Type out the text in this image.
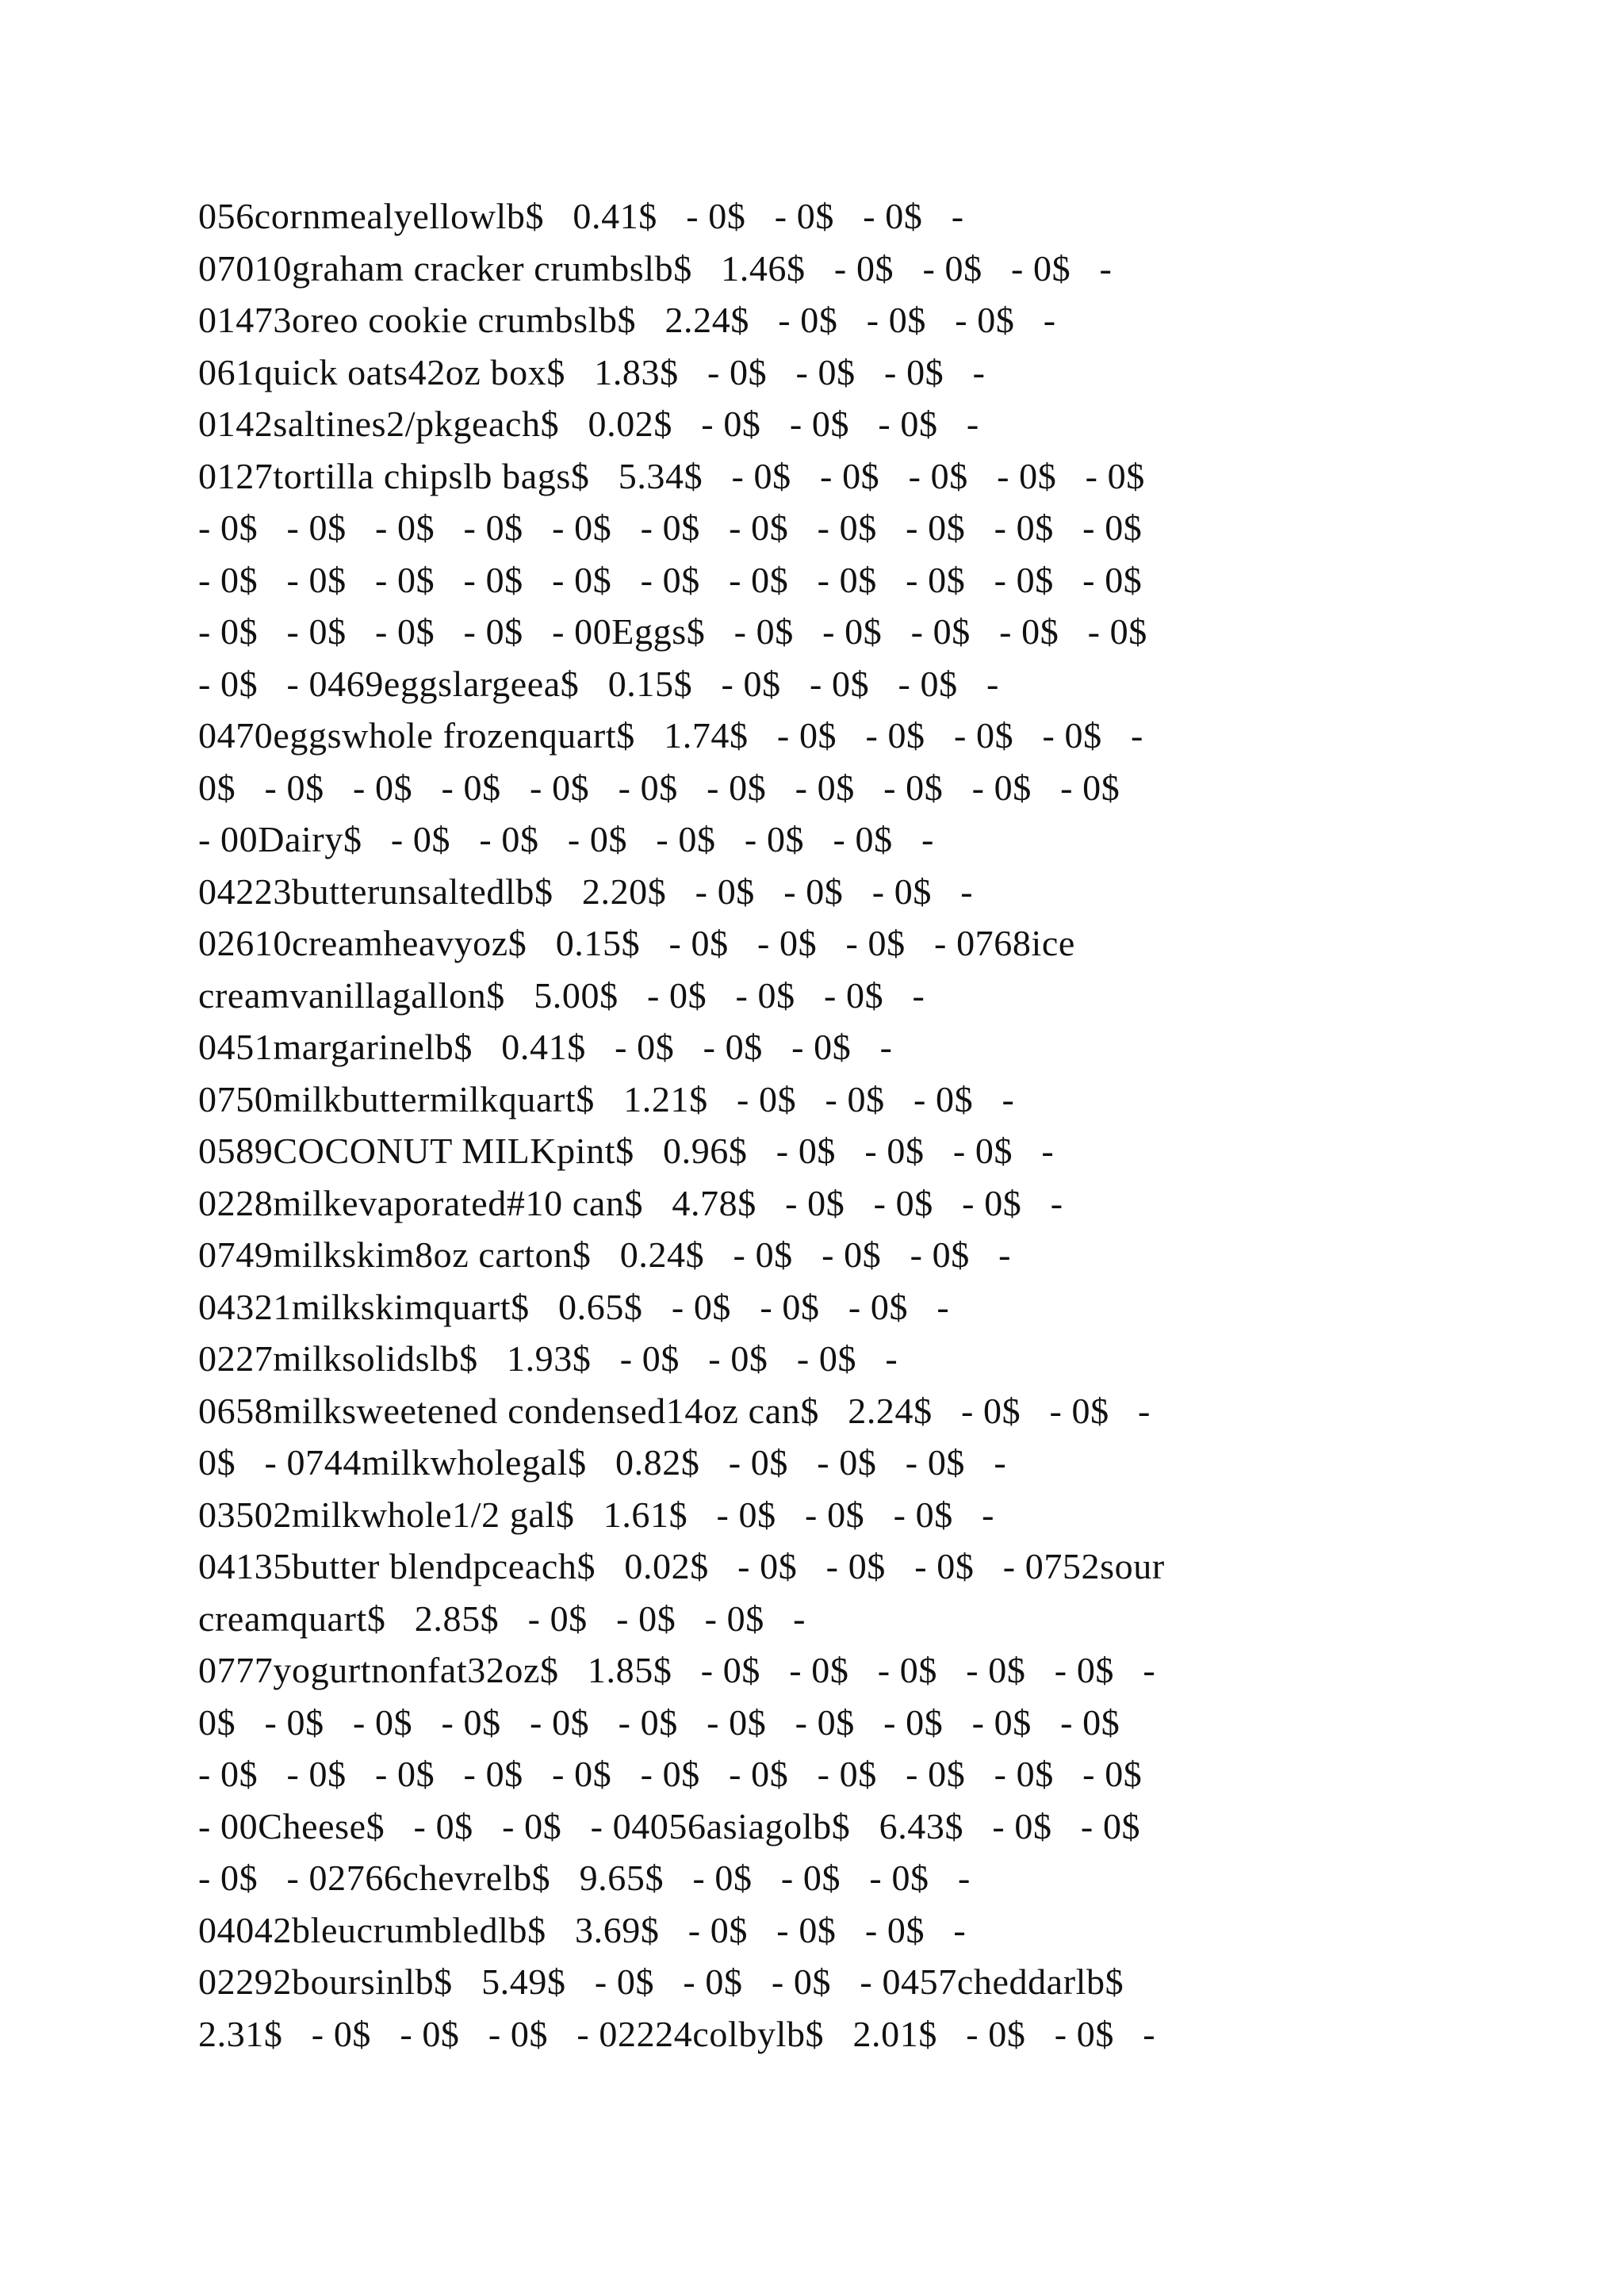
056cornmealyellowlb$   0.41$   - 0$   - 0$   - 0$   -
07010graham cracker crumbslb$   1.46$   - 0$   - 0$   - 0$   -
01473oreo cookie crumbslb$   2.24$   - 0$   - 0$   - 0$   -
061quick oats42oz box$   1.83$   - 0$   - 0$   - 0$   -
0142saltines2/pkgeach$   0.02$   - 0$   - 0$   - 0$   -
0127tortilla chipslb bags$   5.34$   - 0$   - 0$   - 0$   - 0$   - 0$
- 0$   - 0$   - 0$   - 0$   - 0$   - 0$   - 0$   - 0$   - 0$   - 0$   - 0$
- 0$   - 0$   - 0$   - 0$   - 0$   - 0$   - 0$   - 0$   - 0$   - 0$   - 0$
- 0$   - 0$   - 0$   - 0$   - 00Eggs$   - 0$   - 0$   - 0$   - 0$   - 0$
- 0$   - 0469eggslargeea$   0.15$   - 0$   - 0$   - 0$   -
0470eggswhole frozenquart$   1.74$   - 0$   - 0$   - 0$   - 0$   -
0$   - 0$   - 0$   - 0$   - 0$   - 0$   - 0$   - 0$   - 0$   - 0$   - 0$
- 00Dairy$   - 0$   - 0$   - 0$   - 0$   - 0$   - 0$   -
04223butterunsaltedlb$   2.20$   - 0$   - 0$   - 0$   -
02610creamheavyoz$   0.15$   - 0$   - 0$   - 0$   - 0768ice
creamvanillagallon$   5.00$   - 0$   - 0$   - 0$   -
0451margarinelb$   0.41$   - 0$   - 0$   - 0$   -
0750milkbuttermilkquart$   1.21$   - 0$   - 0$   - 0$   -
0589COCONUT MILKpint$   0.96$   - 0$   - 0$   - 0$   -
0228milkevaporated#10 can$   4.78$   - 0$   - 0$   - 0$   -
0749milkskim8oz carton$   0.24$   - 0$   - 0$   - 0$   -
04321milkskimquart$   0.65$   - 0$   - 0$   - 0$   -
0227milksolidslb$   1.93$   - 0$   - 0$   - 0$   -
0658milksweetened condensed14oz can$   2.24$   - 0$   - 0$   -
0$   - 0744milkwholegal$   0.82$   - 0$   - 0$   - 0$   -
03502milkwhole1/2 gal$   1.61$   - 0$   - 0$   - 0$   -
04135butter blendpceach$   0.02$   - 0$   - 0$   - 0$   - 0752sour
creamquart$   2.85$   - 0$   - 0$   - 0$   -
0777yogurtnonfat32oz$   1.85$   - 0$   - 0$   - 0$   - 0$   - 0$   -
0$   - 0$   - 0$   - 0$   - 0$   - 0$   - 0$   - 0$   - 0$   - 0$   - 0$
- 0$   - 0$   - 0$   - 0$   - 0$   - 0$   - 0$   - 0$   - 0$   - 0$   - 0$
- 00Cheese$   - 0$   - 0$   - 04056asiagolb$   6.43$   - 0$   - 0$
- 0$   - 02766chevrelb$   9.65$   - 0$   - 0$   - 0$   -
04042bleucrumbledlb$   3.69$   - 0$   - 0$   - 0$   -
02292boursinlb$   5.49$   - 0$   - 0$   - 0$   - 0457cheddarlb$
2.31$   - 0$   - 0$   - 0$   - 02224colbylb$   2.01$   - 0$   - 0$   -
